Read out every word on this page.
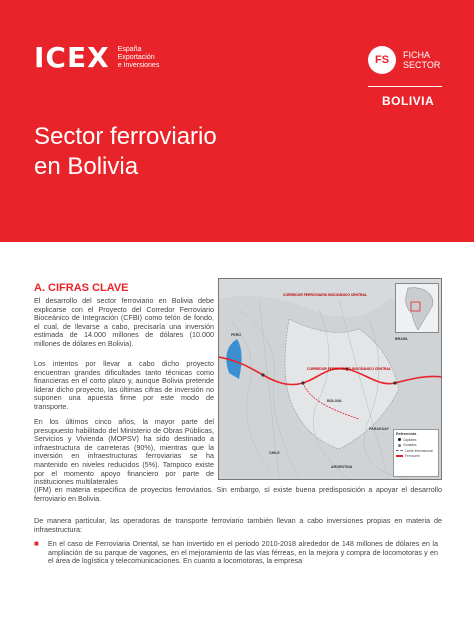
ICEX España
Exportación
e Inversiones	FS	FICHA
SECTOR
BOLIVIA
Sector ferroviario
en Bolivia
A. CIFRAS CLAVE

El desarrollo del sector ferroviario en Bolivia debe explicarse con el Proyecto del Corredor Ferroviario Bioceánico de Integración (CFBI) como telón de fondo, el cual, de llevarse a cabo, precisaría una inversión estimada de 14.000 millones de dólares (10.000 millones de dólares en Bolivia).

Los intentos por llevar a cabo dicho proyecto encuentran grandes dificultades tanto técnicas como financieras en el corto plazo y, aunque Bolivia pretende liderar dicho proyecto, las últimas cifras de inversión no suponen una apuesta firme por este modo de transporte.

En los últimos cinco años, la mayor parte del presupuesto habilitado del Ministerio de Obras Públicas, Servicios y Vivienda (MOPSV) ha sido destinado a infraestructura de carreteras (90%), mientras que la inversión en infraestructuras ferroviarias se ha mantenido en niveles reducidos (5%). Tampoco existe por el momento apoyo financiero por parte de instituciones multilaterales

(IFM) en materia específica de proyectos ferroviarios. Sin embargo, sí existe buena predisposición a apoyar el desarrollo ferroviario en Bolivia.

De manera particular, las operadoras de transporte ferroviario también llevan a cabo inversiones propias en materia de infraestructura:

■	En el caso de Ferroviaria Oriental, se han invertido en el periodo 2010-2018 alrededor de 148 millones de dólares en la ampliación de su parque de vagones, en el mejoramiento de las vías férreas, en la mejora y compra de locomotoras y en el área de logística y telecomunicaciones. En cuanto a locomotoras, la empresa
CORREDOR FERROVIARIO BIOCEÁNICO CENTRAL
CORREDOR FERROVIARIO BIOCEÁNICO CENTRAL
PERÚ
BRASIL
PARAGUAY
CHILE
ARGENTINA
BOLIVIA
Referencias
Capitales
Ciudades
Límite Internacional
Ferrocarril
